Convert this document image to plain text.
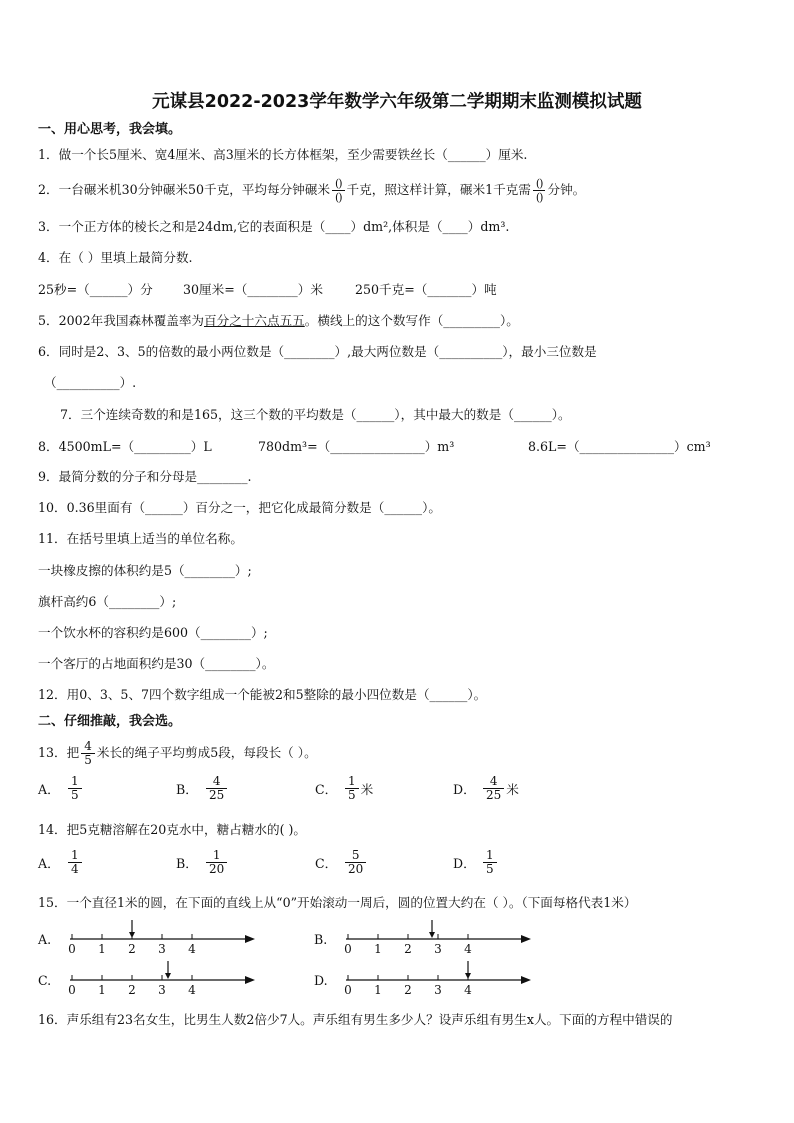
元谋县2022-2023学年数学六年级第二学期期末监测模拟试题
一、用心思考，我会填。
1．做一个长5厘米、宽4厘米、高3厘米的长方体框架，至少需要铁丝长（______）厘米.
2．一台碾米机30分钟碾米50千克，平均每分钟碾米 $\frac{()}{()}$ 千克，照这样计算，碾米1千克需 $\frac{()}{()}$ 分钟。
3．一个正方体的棱长之和是24dm,它的表面积是（____）dm²,体积是（____）dm³.
4．在（ ）里填上最简分数.
25秒=（______）分 30厘米=（________）米	250千克=（_______）吨
5．2002年我国森林覆盖率为百分之十六点五五。横线上的这个数写作（_________）。
6．同时是2、3、5的倍数的最小两位数是（________）,最大两位数是（__________），最小三位数是
（__________）.
7．三个连续奇数的和是165，这三个数的平均数是（______），其中最大的数是（______）。
8．4500mL=（_________）L	780dm³=（_______________）m³	8.6L=（_______________）cm³
9．最简分数的分子和分母是________.
10．0.36里面有（______）百分之一，把它化成最简分数是（______）。
11．在括号里填上适当的单位名称。
一块橡皮擦的体积约是5（________）;
旗杆高约6（________）;
一个饮水杯的容积约是600（________）;
一个客厅的占地面积约是30（________）。
12．用0、3、5、7四个数字组成一个能被2和5整除的最小四位数是（______）。
二、仔细推敲，我会选。
13．把 $\frac{4}{5}$ 米长的绳子平均剪成5段，每段长（ ）。
A． $\frac{1}{5}$	B． $\frac{4}{25}$	C． $\frac{1}{5}$ 米	D． $\frac{4}{25}$ 米
14．把5克糖溶解在20克水中，糖占糖水的( )。
A． $\frac{1}{4}$	B． $\frac{1}{20}$	C． $\frac{5}{20}$	D． $\frac{1}{5}$
15．一个直径1米的圆，在下面的直线上从“0”开始滚动一周后，圆的位置大约在（ ）。（下面每格代表1米）
A.
0 1 2 3 4
B.
0 1 2 3 4
C.
0 1 2 3 4
D.
0 1 2 3 4
16．声乐组有23名女生，比男生人数2倍少7人。声乐组有男生多少人？设声乐组有男生x人。下面的方程中错误的
